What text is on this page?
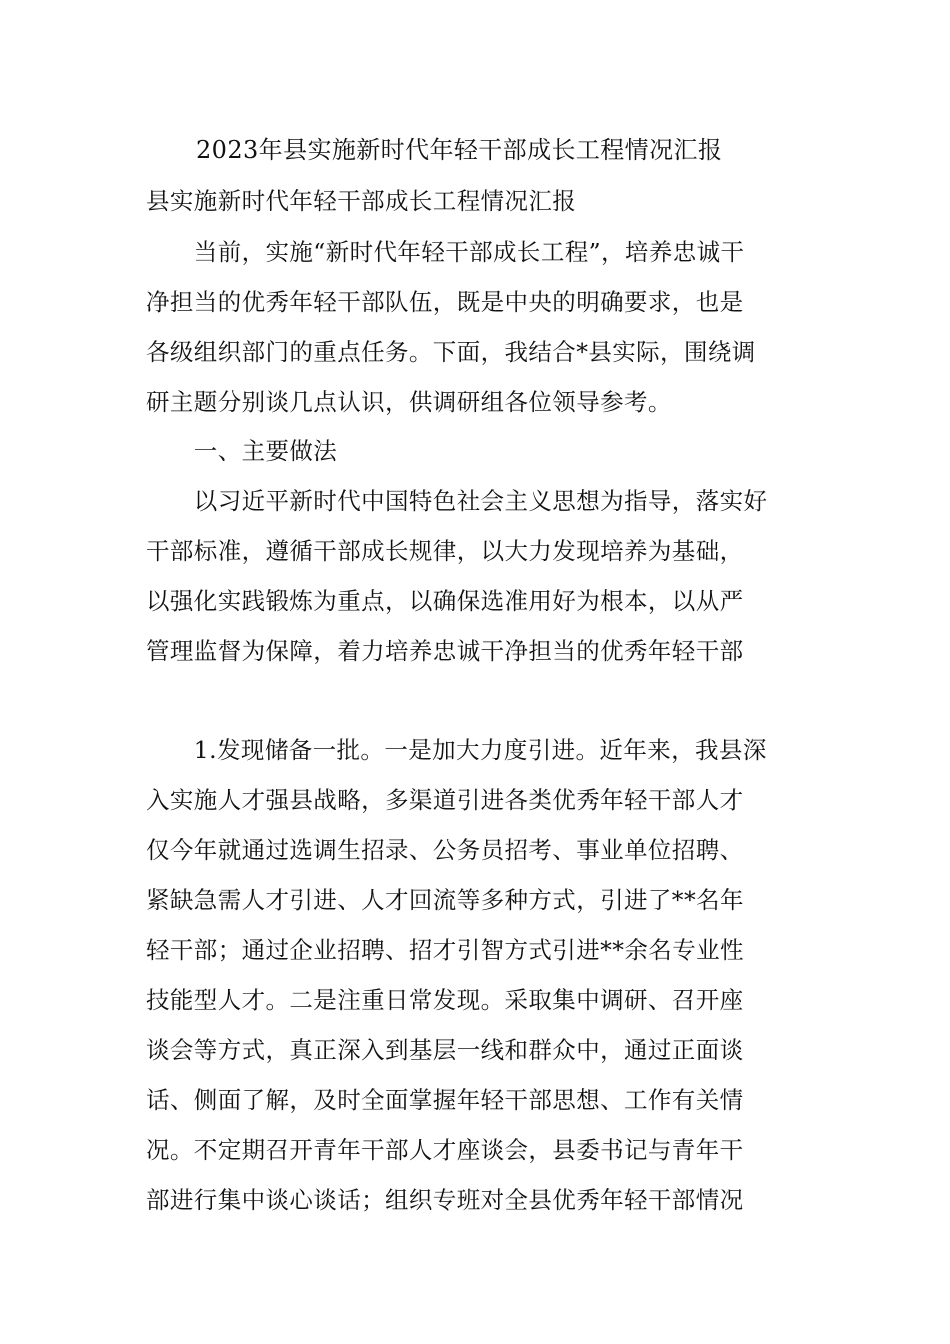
2023年县实施新时代年轻干部成长工程情况汇报
县实施新时代年轻干部成长工程情况汇报
　　当前，实施“新时代年轻干部成长工程”，培养忠诚干
净担当的优秀年轻干部队伍，既是中央的明确要求，也是
各级组织部门的重点任务。下面，我结合*县实际，围绕调
研主题分别谈几点认识，供调研组各位领导参考。
　　一、主要做法
　　以习近平新时代中国特色社会主义思想为指导，落实好
干部标准，遵循干部成长规律，以大力发现培养为基础，
以强化实践锻炼为重点，以确保选准用好为根本，以从严
管理监督为保障，着力培养忠诚干净担当的优秀年轻干部
　　1.发现储备一批。一是加大力度引进。近年来，我县深
入实施人才强县战略，多渠道引进各类优秀年轻干部人才
仅今年就通过选调生招录、公务员招考、事业单位招聘、
紧缺急需人才引进、人才回流等多种方式，引进了**名年
轻干部；通过企业招聘、招才引智方式引进**余名专业性
技能型人才。二是注重日常发现。采取集中调研、召开座
谈会等方式，真正深入到基层一线和群众中，通过正面谈
话、侧面了解，及时全面掌握年轻干部思想、工作有关情
况。不定期召开青年干部人才座谈会，县委书记与青年干
部进行集中谈心谈话；组织专班对全县优秀年轻干部情况
